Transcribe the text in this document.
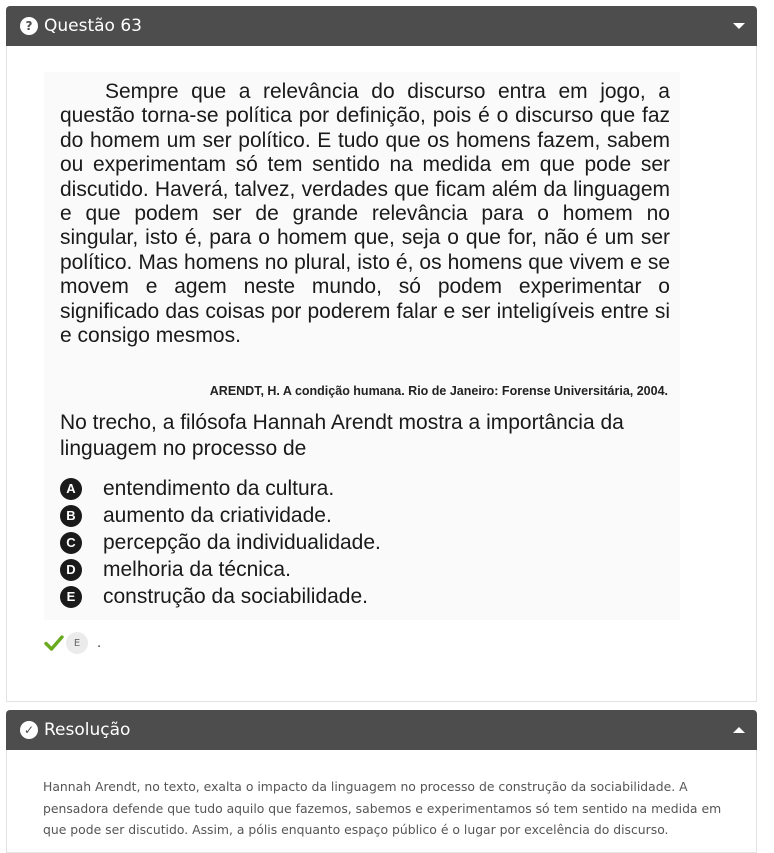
? Questão 63

Sempre que a relevância do discurso entra em jogo, a questão torna-se política por definição, pois é o discurso que faz do homem um ser político. E tudo que os homens fazem, sabem ou experimentam só tem sentido na medida em que pode ser discutido. Haverá, talvez, verdades que ficam além da linguagem e que podem ser de grande relevância para o homem no singular, isto é, para o homem que, seja o que for, não é um ser político. Mas homens no plural, isto é, os homens que vivem e se movem e agem neste mundo, só podem experimentar o significado das coisas por poderem falar e ser inteligíveis entre si e consigo mesmos.

ARENDT, H. A condição humana. Rio de Janeiro: Forense Universitária, 2004.

No trecho, a filósofa Hannah Arendt mostra a importância da linguagem no processo de

A	entendimento da cultura.
B	aumento da criatividade.
C	percepção da individualidade.
D	melhoria da técnica.
E	construção da sociabilidade.
E	.
✓ Resolução

Hannah Arendt, no texto, exalta o impacto da linguagem no processo de construção da sociabilidade. A pensadora defende que tudo aquilo que fazemos, sabemos e experimentamos só tem sentido na medida em que pode ser discutido. Assim, a pólis enquanto espaço público é o lugar por excelência do discurso.
